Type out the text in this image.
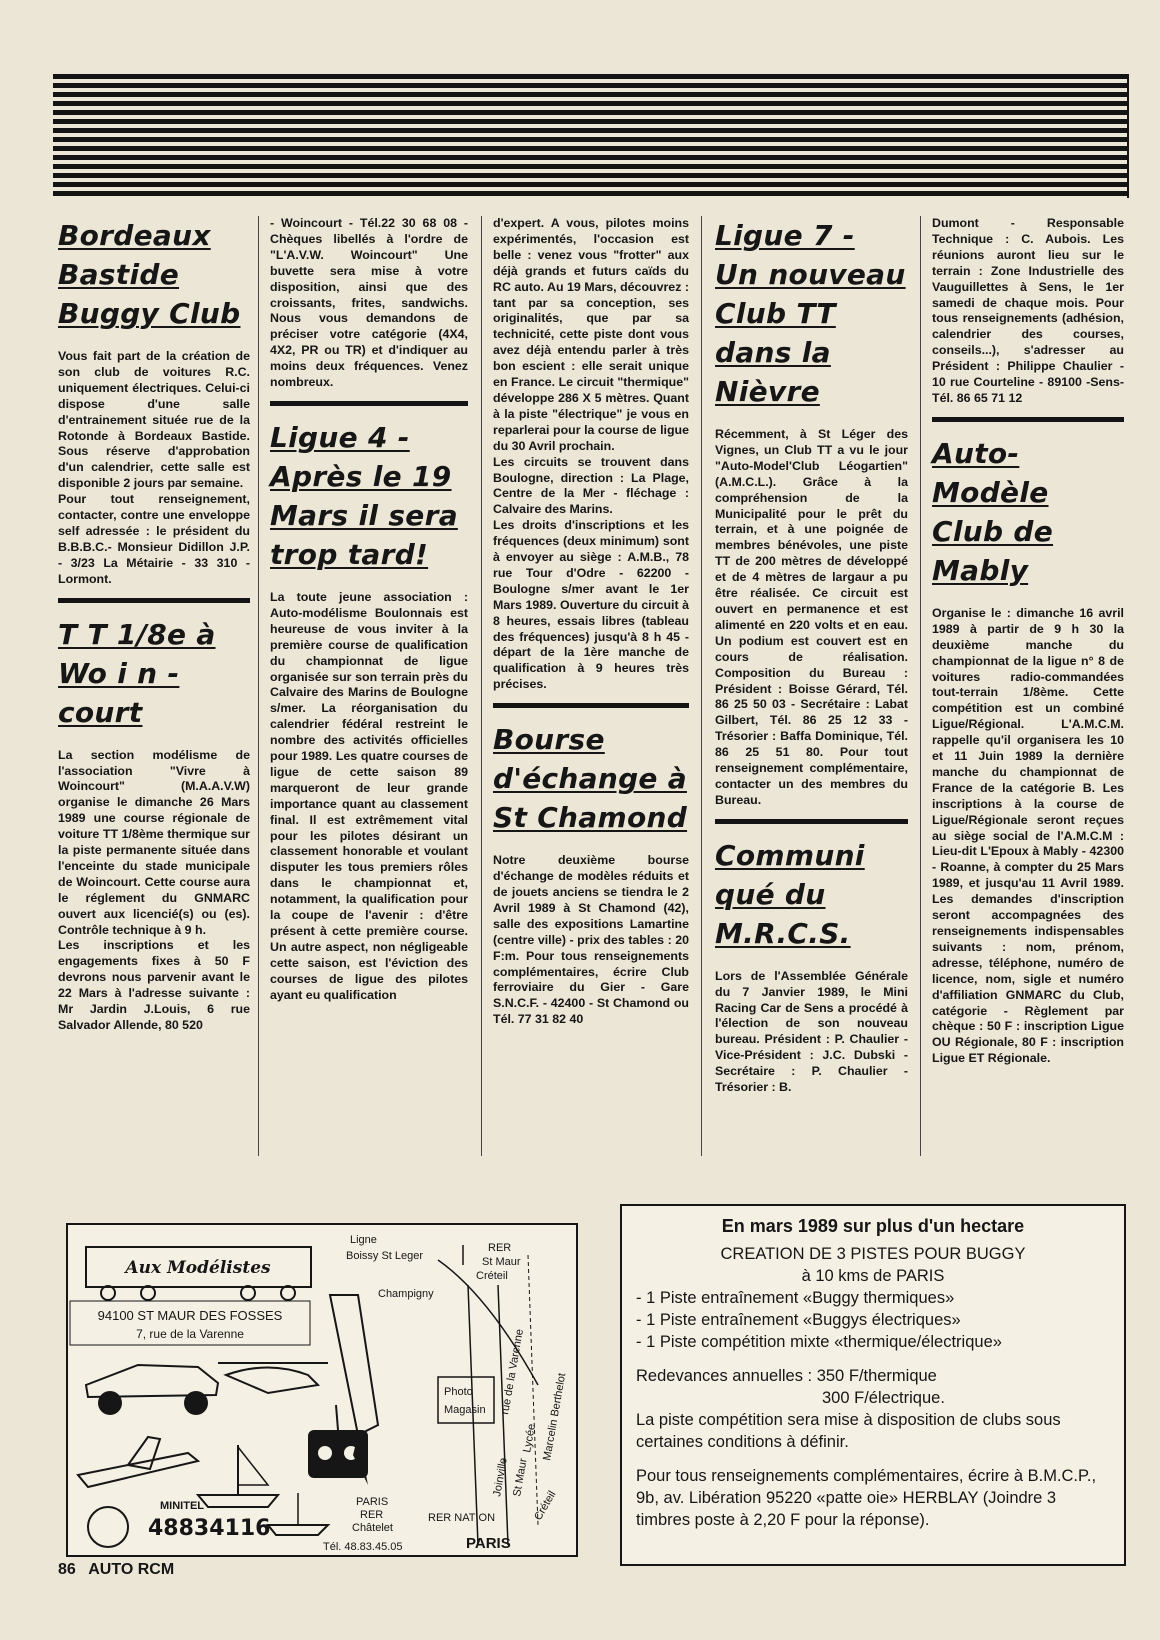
Bordeaux Bastide Buggy Club

Vous fait part de la création de son club de voitures R.C. uniquement électriques. Celui-ci dispose d'une salle d'entrainement située rue de la Rotonde à Bordeaux Bastide. Sous réserve d'approbation d'un calendrier, cette salle est disponible 2 jours par semaine.

Pour tout renseignement, contacter, contre une enveloppe self adressée : le président du B.B.B.C.- Monsieur Didillon J.P. - 3/23 La Métairie - 33 310 - Lormont.

T T 1/8e à Wo i n - court

La section modélisme de l'association "Vivre à Woincourt" (M.A.A.V.W) organise le dimanche 26 Mars 1989 une course régionale de voiture TT 1/8ème thermique sur la piste permanente située dans l'enceinte du stade municipale de Woincourt. Cette course aura le réglement du GNMARC ouvert aux licencié(s) ou (es). Contrôle technique à 9 h.

Les inscriptions et les engagements fixes à 50 F devrons nous parvenir avant le 22 Mars à l'adresse suivante : Mr Jardin J.Louis, 6 rue Salvador Allende, 80 520

- Woincourt - Tél.22 30 68 08 - Chèques libellés à l'ordre de "L'A.V.W. Woincourt" Une buvette sera mise à votre disposition, ainsi que des croissants, frites, sandwichs. Nous vous demandons de préciser votre catégorie (4X4, 4X2, PR ou TR) et d'indiquer au moins deux fréquences. Venez nombreux.

Ligue 4 - Après le 19 Mars il sera trop tard!

La toute jeune association : Auto-modélisme Boulonnais est heureuse de vous inviter à la première course de qualification du championnat de ligue organisée sur son terrain près du Calvaire des Marins de Boulogne s/mer. La réorganisation du calendrier fédéral restreint le nombre des activités officielles pour 1989. Les quatre courses de ligue de cette saison 89 marqueront de leur grande importance quant au classement final. Il est extrêmement vital pour les pilotes désirant un classement honorable et voulant disputer les tous premiers rôles dans le championnat et, notamment, la qualification pour la coupe de l'avenir : d'être présent à cette première course. Un autre aspect, non négligeable cette saison, est l'éviction des courses de ligue des pilotes ayant eu qualification

d'expert. A vous, pilotes moins expérimentés, l'occasion est belle : venez vous "frotter" aux déjà grands et futurs caïds du RC auto. Au 19 Mars, découvrez : tant par sa conception, ses originalités, que par sa technicité, cette piste dont vous avez déjà entendu parler à très bon escient : elle serait unique en France. Le circuit "thermique" développe 286 X 5 mètres. Quant à la piste "électrique" je vous en reparlerai pour la course de ligue du 30 Avril prochain.

Les circuits se trouvent dans Boulogne, direction : La Plage, Centre de la Mer - fléchage : Calvaire des Marins.

Les droits d'inscriptions et les fréquences (deux minimum) sont à envoyer au siège : A.M.B., 78 rue Tour d'Odre - 62200 - Boulogne s/mer avant le 1er Mars 1989. Ouverture du circuit à 8 heures, essais libres (tableau des fréquences) jusqu'à 8 h 45 - départ de la 1ère manche de qualification à 9 heures très précises.

Bourse d'échange à St Chamond

Notre deuxième bourse d'échange de modèles réduits et de jouets anciens se tiendra le 2 Avril 1989 à St Chamond (42), salle des expositions Lamartine (centre ville) - prix des tables : 20 F:m. Pour tous renseignements complémentaires, écrire Club ferroviaire du Gier - Gare S.N.C.F. - 42400 - St Chamond ou Tél. 77 31 82 40

Ligue 7 - Un nouveau Club TT dans la Nièvre

Récemment, à St Léger des Vignes, un Club TT a vu le jour "Auto-Model'Club Léogartien" (A.M.C.L.). Grâce à la compréhension de la Municipalité pour le prêt du terrain, et à une poignée de membres bénévoles, une piste TT de 200 mètres de développé et de 4 mètres de largaur a pu être réalisée. Ce circuit est ouvert en permanence et est alimenté en 220 volts et en eau. Un podium est couvert est en cours de réalisation. Composition du Bureau : Président : Boisse Gérard, Tél. 86 25 50 03 - Secrétaire : Labat Gilbert, Tél. 86 25 12 33 - Trésorier : Baffa Dominique, Tél. 86 25 51 80. Pour tout renseignement complémentaire, contacter un des membres du Bureau.

Communi qué du M.R.C.S.

Lors de l'Assemblée Générale du 7 Janvier 1989, le Mini Racing Car de Sens a procédé à l'élection de son nouveau bureau. Président : P. Chaulier - Vice-Président : J.C. Dubski - Secrétaire : P. Chaulier - Trésorier : B.

Dumont - Responsable Technique : C. Aubois. Les réunions auront lieu sur le terrain : Zone Industrielle des Vauguillettes à Sens, le 1er samedi de chaque mois. Pour tous renseignements (adhésion, calendrier des courses, conseils...), s'adresser au Président : Philippe Chaulier - 10 rue Courteline - 89100 -Sens- Tél. 86 65 71 12

Auto-Modèle Club de Mably

Organise le : dimanche 16 avril 1989 à partir de 9 h 30 la deuxième manche du championnat de la ligue n° 8 de voitures radio-commandées tout-terrain 1/8ème. Cette compétition est un combiné Ligue/Régional. L'A.M.C.M. rappelle qu'il organisera les 10 et 11 Juin 1989 la dernière manche du championnat de France de la catégorie B. Les inscriptions à la course de Ligue/Régionale seront reçues au siège social de l'A.M.C.M : Lieu-dit L'Epoux à Mably - 42300 - Roanne, à compter du 25 Mars 1989, et jusqu'au 11 Avril 1989. Les demandes d'inscription seront accompagnées des renseignements indispensables suivants : nom, prénom, adresse, téléphone, numéro de licence, nom, sigle et numéro d'affiliation GNMARC du Club, catégorie - Règlement par chèque : 50 F : inscription Ligue OU Régionale, 80 F : inscription Ligue ET Régionale.

Aux Modélistes
94100 ST MAUR DES FOSSES
7, rue de la Varenne
MINITEL
48834116
Ligne
Boissy St Leger
RER
St Maur
Créteil
Champigny
Photo
Magasin rue de la Varenne
Joinville St Maur
Lycée Marcelin Berthelot
Créteil
PARIS
RER
Châtelet
RER NATION
PARIS
Tél. 48.83.45.05
En mars 1989 sur plus d'un hectare
CREATION DE 3 PISTES POUR BUGGY
à 10 kms de PARIS
- 1 Piste entraînement «Buggy thermiques»
- 1 Piste entraînement «Buggys électriques»
- 1 Piste compétition mixte «thermique/électrique»
Redevances annuelles : 350 F/thermique
300 F/électrique.
La piste compétition sera mise à disposition de clubs sous certaines conditions à définir.
Pour tous renseignements complémentaires, écrire à B.M.C.P., 9b, av. Libération 95220 «patte oie» HERBLAY (Joindre 3 timbres poste à 2,20 F pour la réponse).
86 AUTO RCM
